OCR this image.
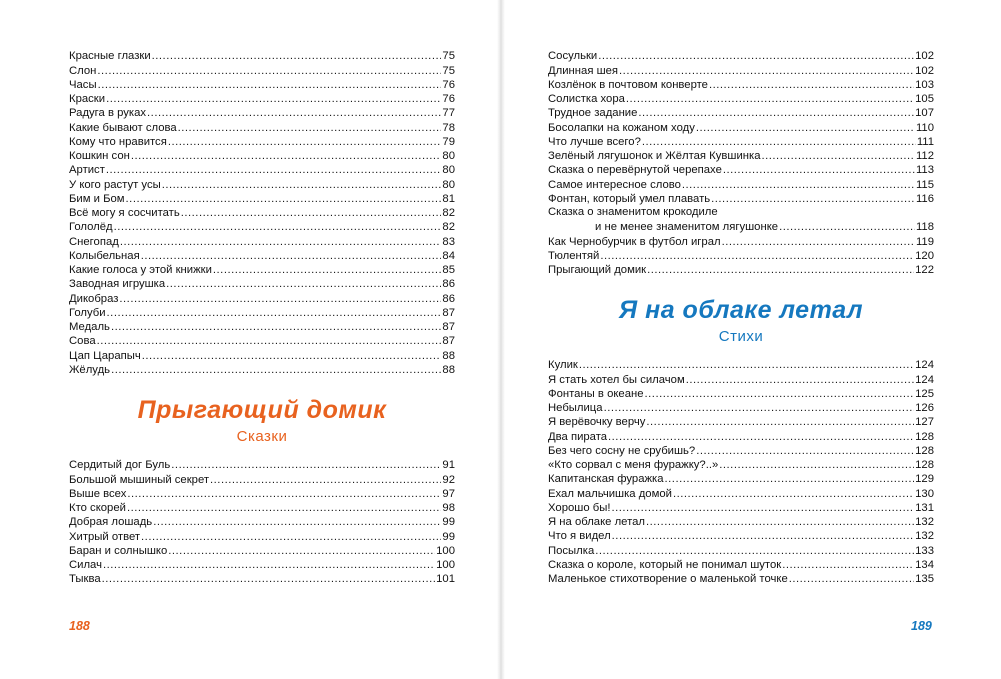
Красные глазки .....	75
Слон .....	75
Часы .....	76
Краски .....	76
Радуга в руках .....	77
Какие бывают слова .....	78
Кому что нравится .....	79
Кошкин сон .....	80
Артист .....	80
У кого растут усы .....	80
Бим и Бом .....	81
Всё могу я сосчитать .....	82
Гололёд .....	82
Снегопад .....	83
Колыбельная .....	84
Какие голоса у этой книжки .....	85
Заводная игрушка .....	86
Дикобраз .....	86
Голуби .....	87
Медаль .....	87
Сова .....	87
Цап Царапыч .....	88
Жёлудь .....	88
Прыгающий домик
Сказки
Сердитый дог Буль .....	91
Большой мышиный секрет .....	92
Выше всех .....	97
Кто скорей .....	98
Добрая лошадь .....	99
Хитрый ответ .....	99
Баран и солнышко .....	100
Силач .....	100
Тыква .....	101
188
Сосульки .....	102
Длинная шея .....	102
Козлёнок в почтовом конверте .....	103
Солистка хора .....	105
Трудное задание .....	107
Босолапки на кожаном ходу .....	110
Что лучше всего? .....	111
Зелёный лягушонок и Жёлтая Кувшинка .....	112
Сказка о перевёрнутой черепахе .....	113
Самое интересное слово .....	115
Фонтан, который умел плавать .....	116
Сказка о знаменитом крокодиле
и не менее знаменитом лягушонке .....	118
Как Чернобурчик в футбол играл .....	119
Тюлентяй .....	120
Прыгающий домик .....	122
Я на облаке летал
Стихи
Кулик .....	124
Я стать хотел бы силачом .....	124
Фонтаны в океане .....	125
Небылица .....	126
Я верёвочку верчу .....	127
Два пирата .....	128
Без чего сосну не срубишь? .....	128
«Кто сорвал с меня фуражку?..» .....	128
Капитанская фуражка .....	129
Ехал мальчишка домой .....	130
Хорошо бы! .....	131
Я на облаке летал .....	132
Что я видел .....	132
Посылка .....	133
Сказка о короле, который не понимал шуток .....	134
Маленькое стихотворение о маленькой точке .....	135
189
